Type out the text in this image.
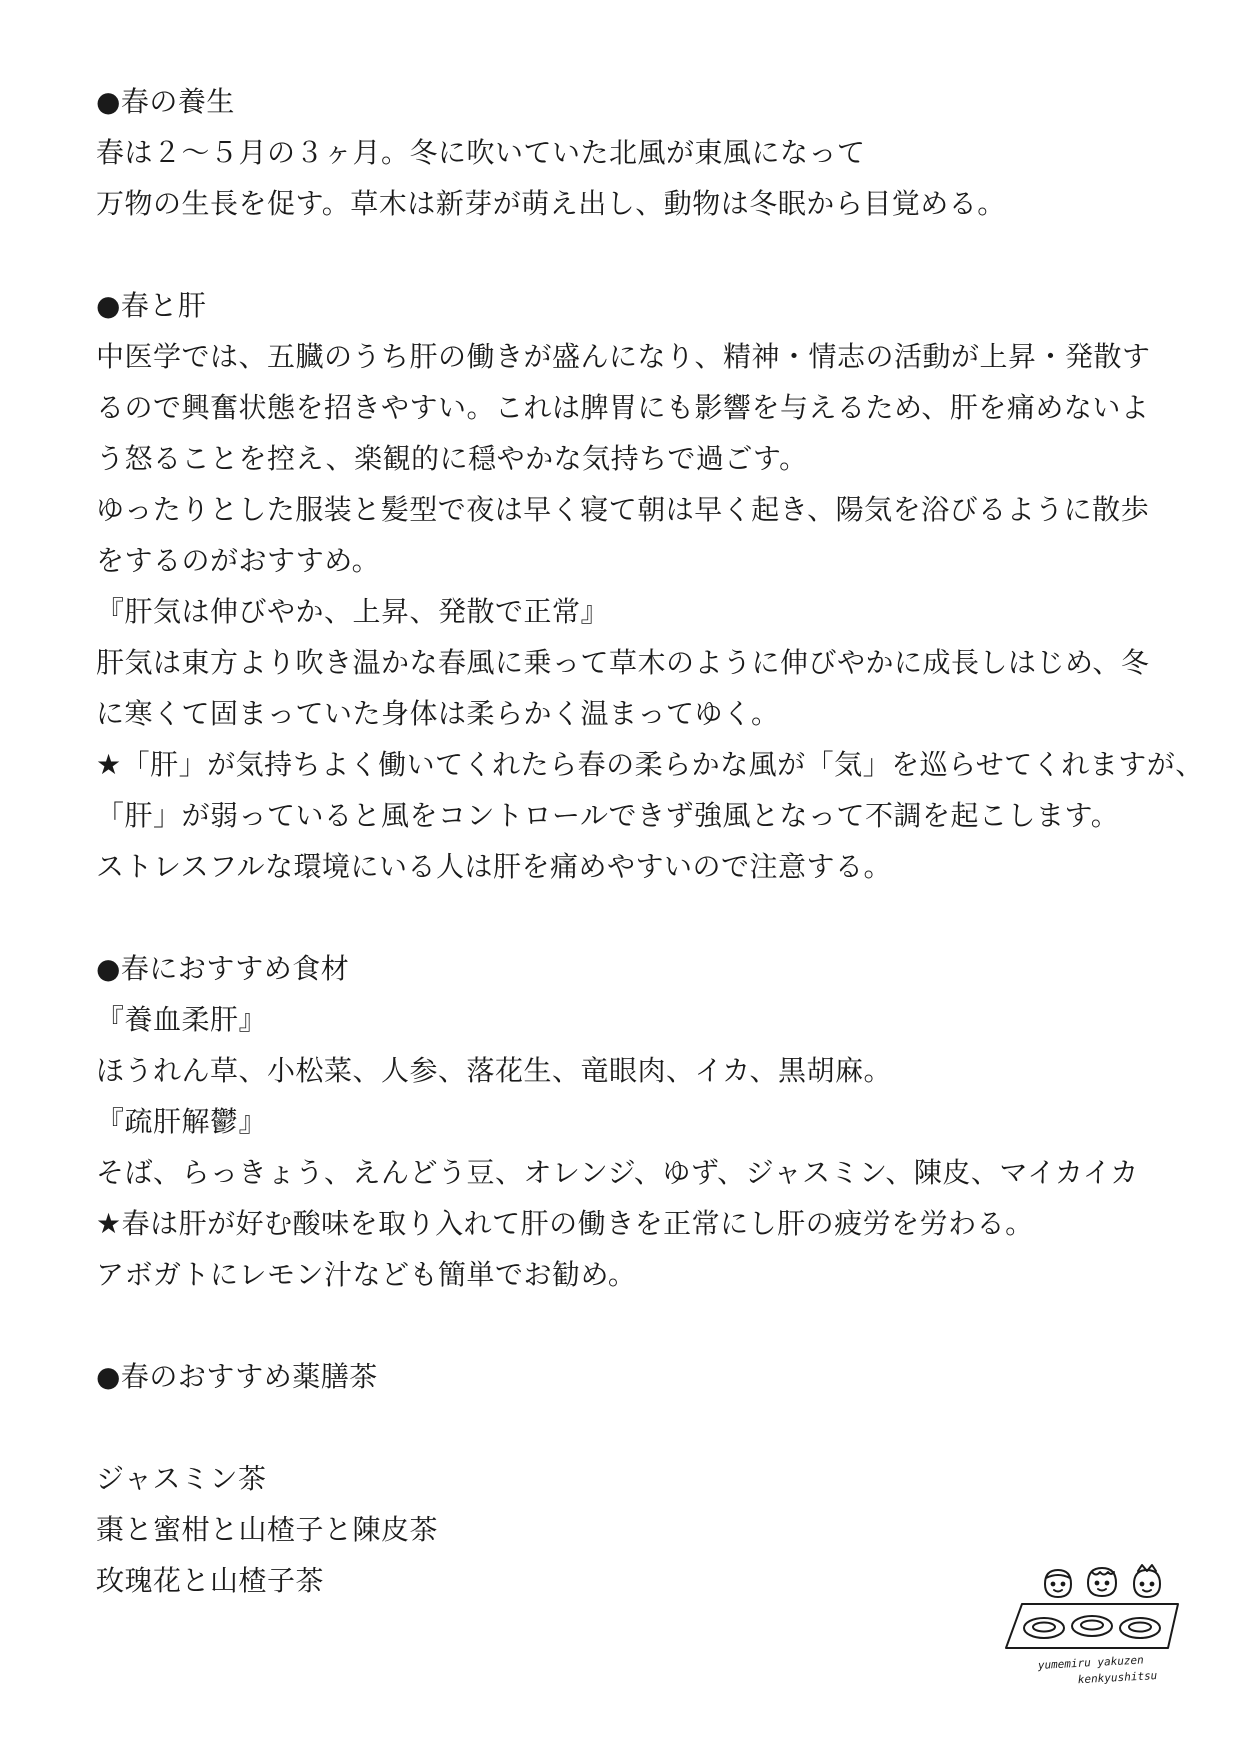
●春の養生
春は２～５月の３ヶ月。冬に吹いていた北風が東風になって
万物の生長を促す。草木は新芽が萌え出し、動物は冬眠から目覚める。
●春と肝
中医学では、五臓のうち肝の働きが盛んになり、精神・情志の活動が上昇・発散す
るので興奮状態を招きやすい。これは脾胃にも影響を与えるため、肝を痛めないよ
う怒ることを控え、楽観的に穏やかな気持ちで過ごす。
ゆったりとした服装と髪型で夜は早く寝て朝は早く起き、陽気を浴びるように散歩
をするのがおすすめ。
『肝気は伸びやか、上昇、発散で正常』
肝気は東方より吹き温かな春風に乗って草木のように伸びやかに成長しはじめ、冬
に寒くて固まっていた身体は柔らかく温まってゆく。
★「肝」が気持ちよく働いてくれたら春の柔らかな風が「気」を巡らせてくれますが、
「肝」が弱っていると風をコントロールできず強風となって不調を起こします。
ストレスフルな環境にいる人は肝を痛めやすいので注意する。
●春におすすめ食材
『養血柔肝』
ほうれん草、小松菜、人参、落花生、竜眼肉、イカ、黒胡麻。
『疏肝解鬱』
そば、らっきょう、えんどう豆、オレンジ、ゆず、ジャスミン、陳皮、マイカイカ
★春は肝が好む酸味を取り入れて肝の働きを正常にし肝の疲労を労わる。
アボガトにレモン汁なども簡単でお勧め。
●春のおすすめ薬膳茶
ジャスミン茶
棗と蜜柑と山楂子と陳皮茶
玫瑰花と山楂子茶
yumemiru yakuzen
kenkyushitsu
